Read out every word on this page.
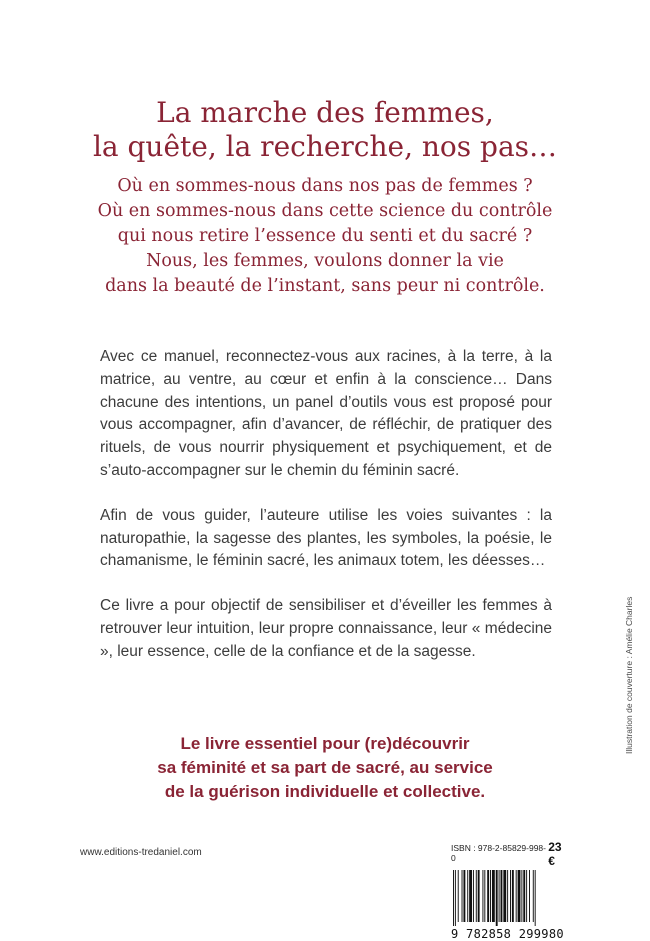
La marche des femmes,
la quête, la recherche, nos pas…
Où en sommes-nous dans nos pas de femmes ?
Où en sommes-nous dans cette science du contrôle
qui nous retire l’essence du senti et du sacré ?
Nous, les femmes, voulons donner la vie
dans la beauté de l’instant, sans peur ni contrôle.

Avec ce manuel, reconnectez-vous aux racines, à la terre, à la matrice, au ventre, au cœur et enfin à la conscience… Dans chacune des intentions, un panel d’outils vous est proposé pour vous accompagner, afin d’avancer, de réfléchir, de pratiquer des rituels, de vous nourrir physiquement et psychiquement, et de s’auto-accompagner sur le chemin du féminin sacré.

Afin de vous guider, l’auteure utilise les voies suivantes : la naturopathie, la sagesse des plantes, les symboles, la poésie, le chamanisme, le féminin sacré, les animaux totem, les déesses…

Ce livre a pour objectif de sensibiliser et d’éveiller les femmes à retrouver leur intuition, leur propre connaissance, leur « médecine », leur essence, celle de la confiance et de la sagesse.

Le livre essentiel pour (re)découvrir
sa féminité et sa part de sacré, au service
de la guérison individuelle et collective.
Illustration de couverture : Amélie Charles
www.editions-tredaniel.com	ISBN : 978-2-85829-998-0
23 €
9 782858 299980
